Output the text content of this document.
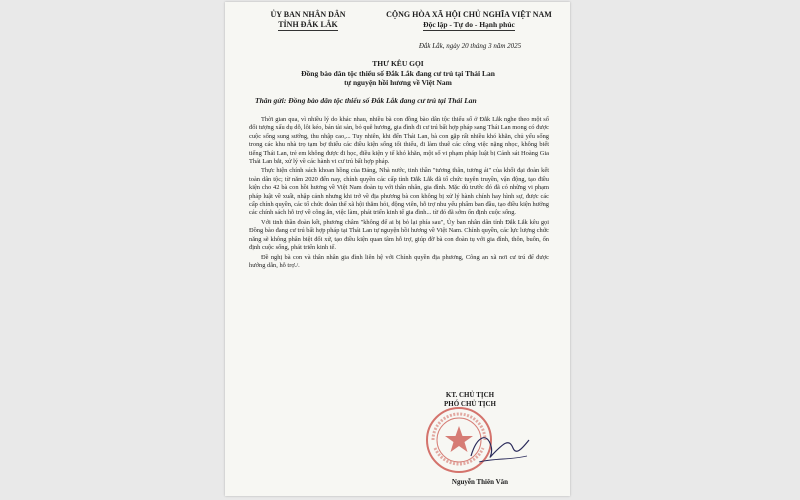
ỦY BAN NHÂN DÂN
TỈNH ĐẮK LẮK
CỘNG HÒA XÃ HỘI CHỦ NGHĨA VIỆT NAM
Độc lập - Tự do - Hạnh phúc
Đắk Lắk, ngày 20 tháng 3 năm 2025
THƯ KÊU GỌI
Đồng bào dân tộc thiểu số Đắk Lắk đang cư trú tại Thái Lan
tự nguyện hồi hương về Việt Nam
Thân gửi: Đồng bào dân tộc thiểu số Đắk Lắk đang cư trú tại Thái Lan

Thời gian qua, vì nhiều lý do khác nhau, nhiều bà con đồng bào dân tộc thiểu số ở Đắk Lắk nghe theo một số đối tượng xấu dụ dỗ, lôi kéo, bán tài sản, bỏ quê hương, gia đình đi cư trú bất hợp pháp sang Thái Lan mong có được cuộc sống sung sướng, thu nhập cao,... Tuy nhiên, khi đến Thái Lan, bà con gặp rất nhiều khó khăn, chủ yếu sống trong các khu nhà trọ tạm bợ thiếu các điều kiện sống tối thiểu, đi làm thuê các công việc nặng nhọc, không biết tiếng Thái Lan, trẻ em không được đi học, điều kiện y tế khó khăn, một số vi phạm pháp luật bị Cảnh sát Hoàng Gia Thái Lan bắt, xử lý về các hành vi cư trú bất hợp pháp.

Thực hiện chính sách khoan hồng của Đảng, Nhà nước, tinh thần "tương thân, tương ái" của khối đại đoàn kết toàn dân tộc; từ năm 2020 đến nay, chính quyền các cấp tỉnh Đắk Lắk đã tổ chức tuyên truyền, vận động, tạo điều kiện cho 42 bà con hồi hương về Việt Nam đoàn tụ với thân nhân, gia đình. Mặc dù trước đó đã có những vi phạm pháp luật về xuất, nhập cảnh nhưng khi trở về địa phương bà con không bị xử lý hành chính hay hình sự, được các cấp chính quyền, các tổ chức đoàn thể xã hội thăm hỏi, động viên, hỗ trợ nhu yếu phẩm ban đầu, tạo điều kiện hưởng các chính sách hỗ trợ về công ăn, việc làm, phát triển kinh tế gia đình... từ đó đã sớm ổn định cuộc sống.

Với tinh thần đoàn kết, phương châm "không để ai bị bỏ lại phía sau", Ủy ban nhân dân tỉnh Đắk Lắk kêu gọi Đồng bào đang cư trú bất hợp pháp tại Thái Lan tự nguyện hồi hương về Việt Nam. Chính quyền, các lực lượng chức năng sẽ không phân biệt đối xử, tạo điều kiện quan tâm hỗ trợ, giúp đỡ bà con đoàn tụ với gia đình, thôn, buôn, ổn định cuộc sống, phát triển kinh tế.

Đề nghị bà con và thân nhân gia đình liên hệ với Chính quyền địa phương, Công an xã nơi cư trú để được hướng dẫn, hỗ trợ./.

KT. CHỦ TỊCH
PHÓ CHỦ TỊCH
Nguyễn Thiên Văn
